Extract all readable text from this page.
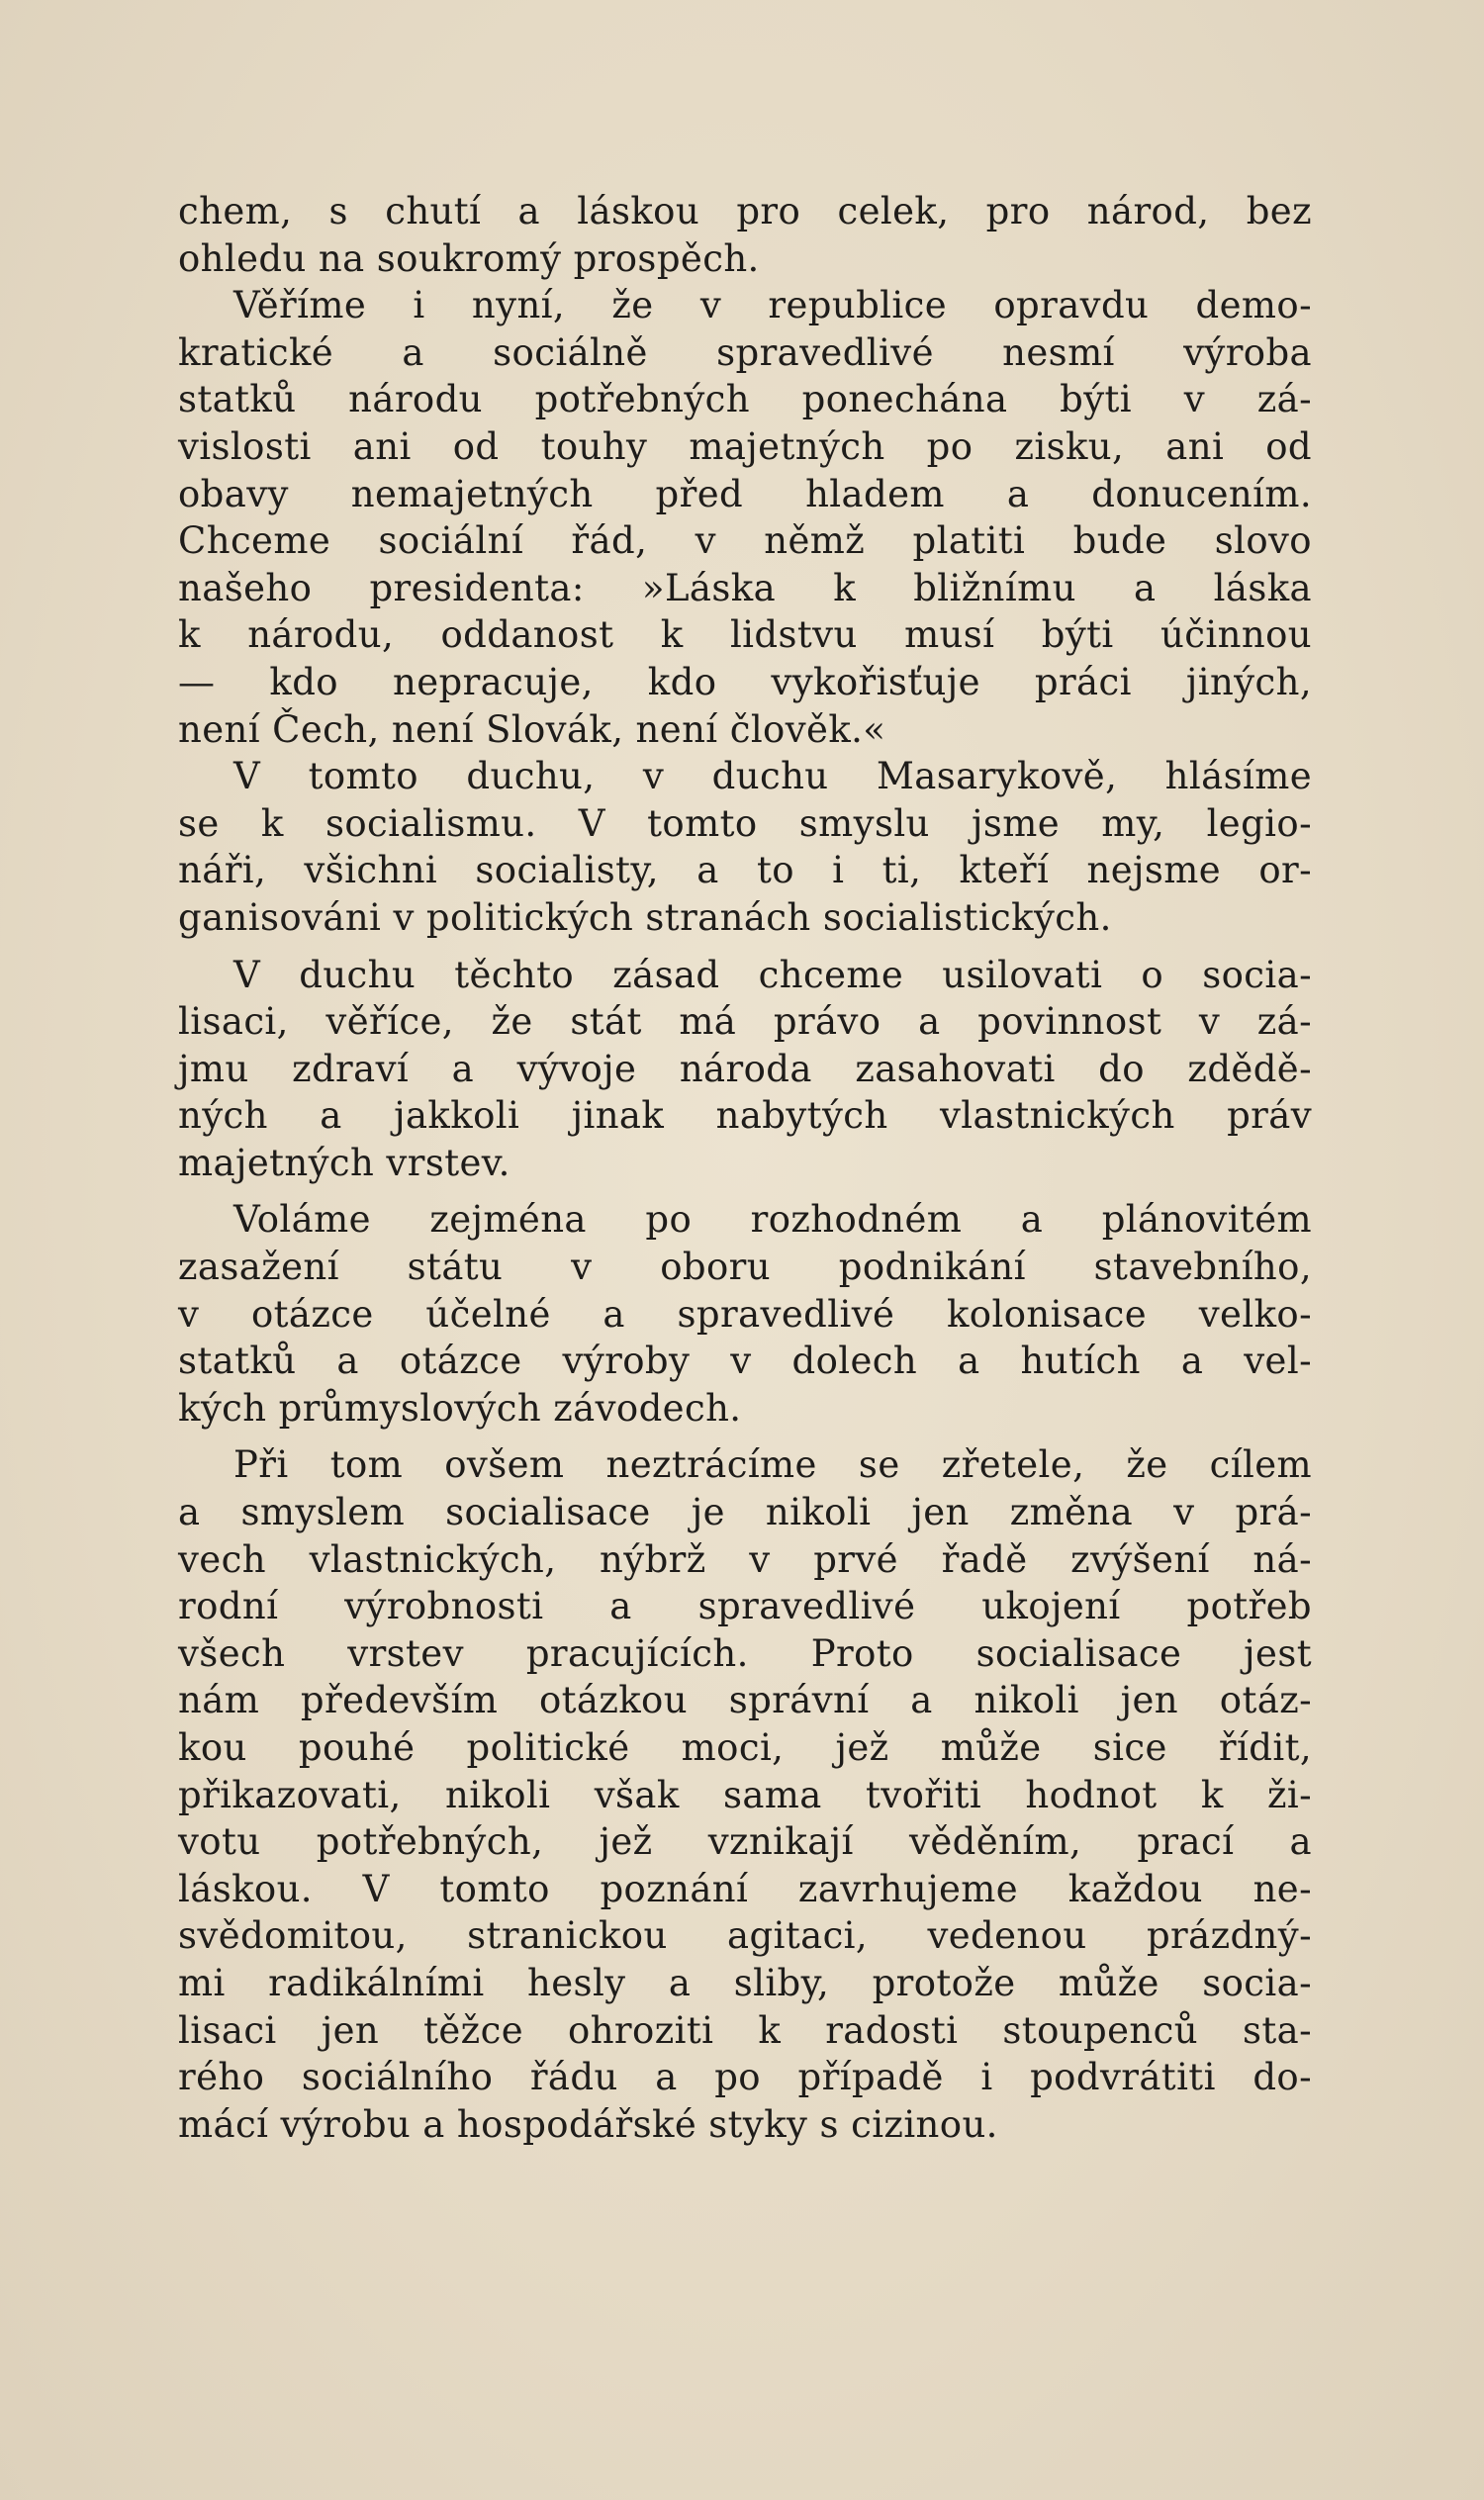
chem, s chutí a láskou pro celek, pro národ, bez
ohledu na soukromý prospěch.
Věříme i nyní, že v republice opravdu demo-
kratické a sociálně spravedlivé nesmí výroba
statků národu potřebných ponechána býti v zá-
vislosti ani od touhy majetných po zisku, ani od
obavy nemajetných před hladem a donucením.
Chceme sociální řád, v němž platiti bude slovo
našeho presidenta: »Láska k bližnímu a láska
k národu, oddanost k lidstvu musí býti účinnou
— kdo nepracuje, kdo vykořisťuje práci jiných,
není Čech, není Slovák, není člověk.«
V tomto duchu, v duchu Masarykově, hlásíme
se k socialismu. V tomto smyslu jsme my, legio-
náři, všichni socialisty, a to i ti, kteří nejsme or-
ganisováni v politických stranách socialistických.
V duchu těchto zásad chceme usilovati o socia-
lisaci, věříce, že stát má právo a povinnost v zá-
jmu zdraví a vývoje národa zasahovati do zdědě-
ných a jakkoli jinak nabytých vlastnických práv
majetných vrstev.
Voláme zejména po rozhodném a plánovitém
zasažení státu v oboru podnikání stavebního,
v otázce účelné a spravedlivé kolonisace velko-
statků a otázce výroby v dolech a hutích a vel-
kých průmyslových závodech.
Při tom ovšem neztrácíme se zřetele, že cílem
a smyslem socialisace je nikoli jen změna v prá-
vech vlastnických, nýbrž v prvé řadě zvýšení ná-
rodní výrobnosti a spravedlivé ukojení potřeb
všech vrstev pracujících. Proto socialisace jest
nám především otázkou správní a nikoli jen otáz-
kou pouhé politické moci, jež může sice řídit,
přikazovati, nikoli však sama tvořiti hodnot k ži-
votu potřebných, jež vznikají věděním, prací a
láskou. V tomto poznání zavrhujeme každou ne-
svědomitou, stranickou agitaci, vedenou prázdný-
mi radikálními hesly a sliby, protože může socia-
lisaci jen těžce ohroziti k radosti stoupenců sta-
rého sociálního řádu a po případě i podvrátiti do-
mácí výrobu a hospodářské styky s cizinou.
